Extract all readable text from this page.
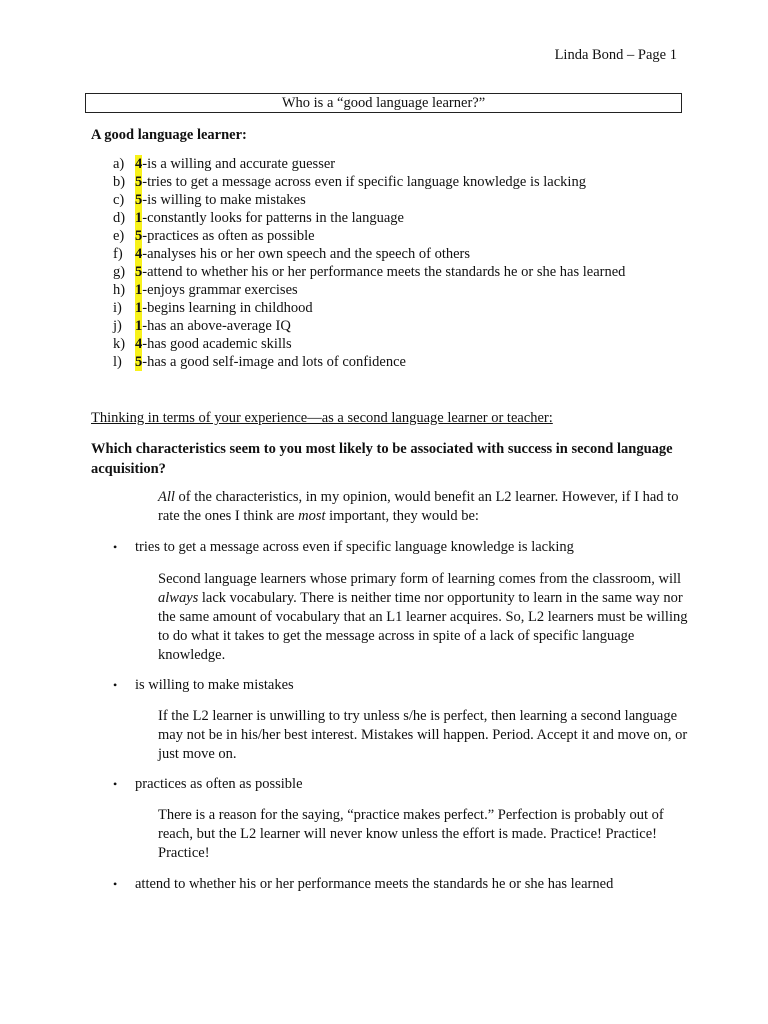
Linda Bond – Page 1
Who is a “good language learner?”
A good language learner:
a) 4 -is a willing and accurate guesser
b) 5 -tries to get a message across even if specific language knowledge is lacking
c) 5 -is willing to make mistakes
d) 1 -constantly looks for patterns in the language
e) 5 -practices as often as possible
f) 4 -analyses his or her own speech and the speech of others
g) 5 -attend to whether his or her performance meets the standards he or she has learned
h) 1 -enjoys grammar exercises
i) 1 -begins learning in childhood
j) 1 -has an above-average IQ
k) 4 -has good academic skills
l) 5 -has a good self-image and lots of confidence
Thinking in terms of your experience—as a second language learner or teacher:
Which characteristics seem to you most likely to be associated with success in second language acquisition?
All of the characteristics, in my opinion, would benefit an L2 learner. However, if I had to rate the ones I think are most important, they would be:
•	tries to get a message across even if specific language knowledge is lacking
Second language learners whose primary form of learning comes from the classroom, will always lack vocabulary. There is neither time nor opportunity to learn in the same way nor the same amount of vocabulary that an L1 learner acquires. So, L2 learners must be willing to do what it takes to get the message across in spite of a lack of specific language knowledge.
•	is willing to make mistakes
If the L2 learner is unwilling to try unless s/he is perfect, then learning a second language may not be in his/her best interest. Mistakes will happen. Period. Accept it and move on, or just move on.
•	practices as often as possible
There is a reason for the saying, “practice makes perfect.” Perfection is probably out of reach, but the L2 learner will never know unless the effort is made. Practice! Practice! Practice!
•	attend to whether his or her performance meets the standards he or she has learned
